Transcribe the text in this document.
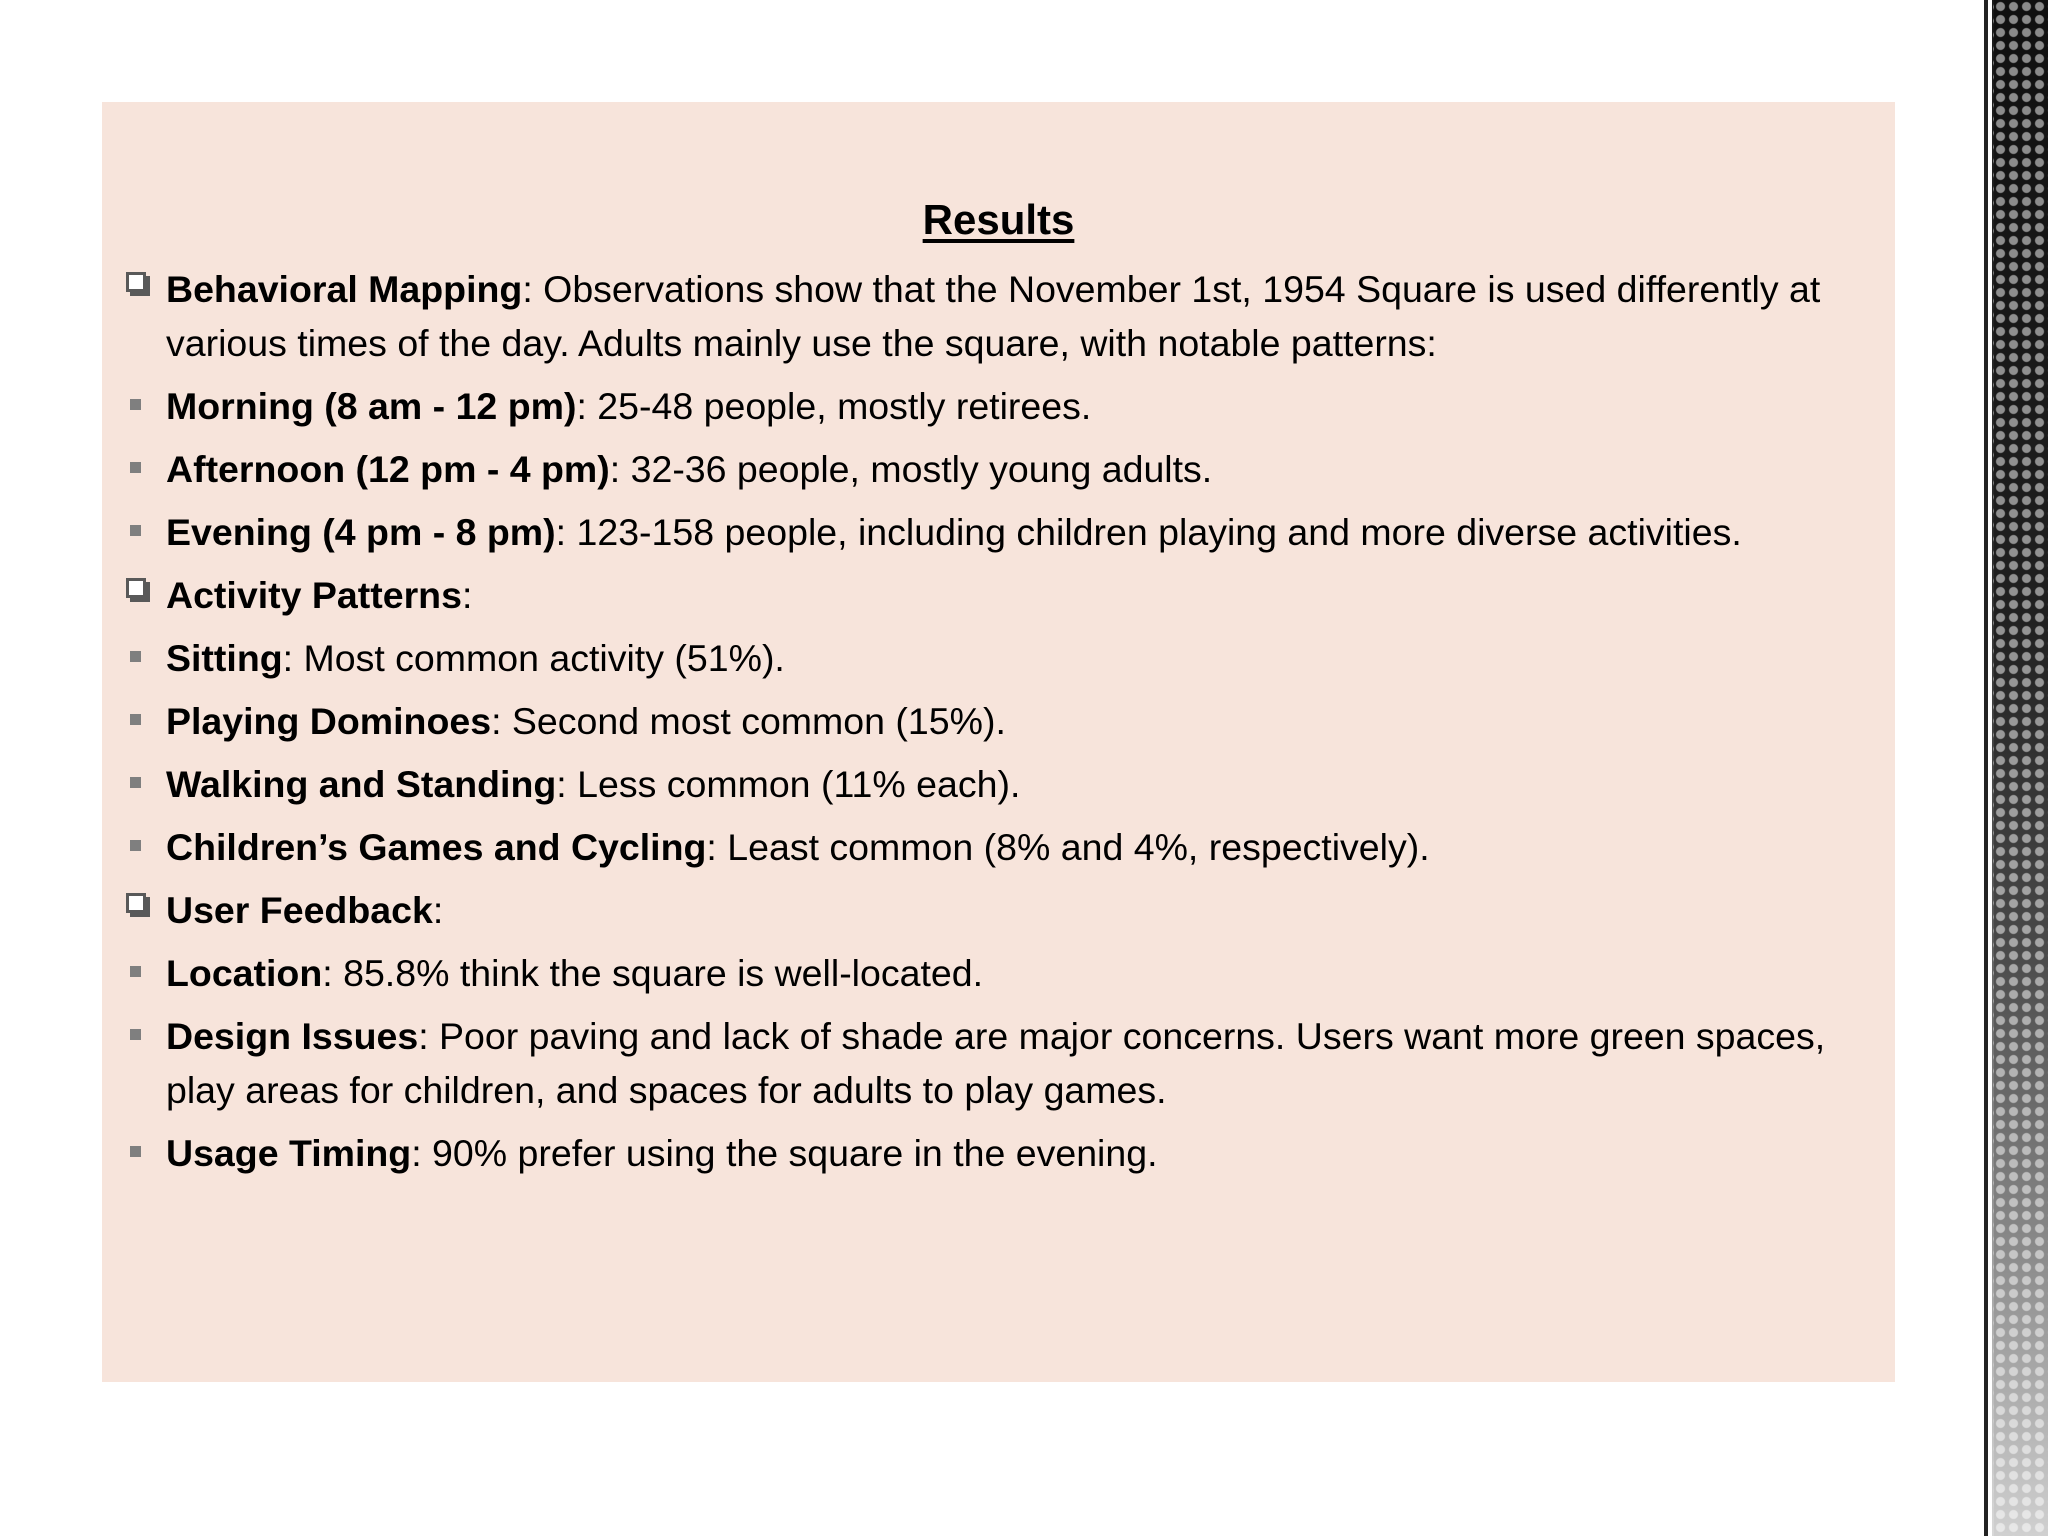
Results
Behavioral Mapping: Observations show that the November 1st, 1954 Square is used differently at various times of the day. Adults mainly use the square, with notable patterns:
Morning (8 am - 12 pm): 25-48 people, mostly retirees.
Afternoon (12 pm - 4 pm): 32-36 people, mostly young adults.
Evening (4 pm - 8 pm): 123-158 people, including children playing and more diverse activities.
Activity Patterns:
Sitting: Most common activity (51%).
Playing Dominoes: Second most common (15%).
Walking and Standing: Less common (11% each).
Children’s Games and Cycling: Least common (8% and 4%, respectively).
User Feedback:
Location: 85.8% think the square is well-located.
Design Issues: Poor paving and lack of shade are major concerns. Users want more green spaces, play areas for children, and spaces for adults to play games.
Usage Timing: 90% prefer using the square in the evening.
